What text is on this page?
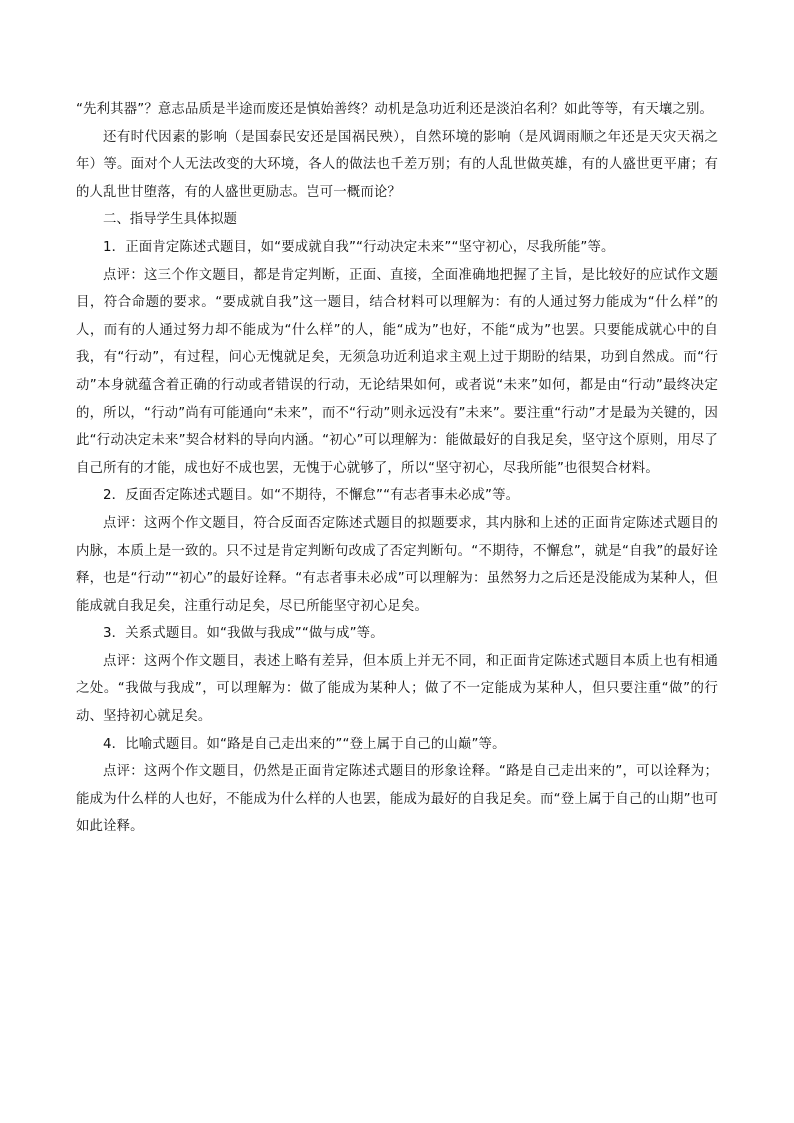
“先利其器”？意志品质是半途而废还是慎始善终？动机是急功近利还是淡泊名利？如此等等，有天壤之别。

还有时代因素的影响（是国泰民安还是国祸民殃），自然环境的影响（是风调雨顺之年还是天灾天祸之年）等。面对个人无法改变的大环境，各人的做法也千差万别；有的人乱世做英雄，有的人盛世更平庸；有的人乱世甘堕落，有的人盛世更励志。岂可一概而论？

二、指导学生具体拟题

1．正面肯定陈述式题目，如“要成就自我”“行动决定未来”“坚守初心，尽我所能”等。

点评：这三个作文题目，都是肯定判断，正面、直接，全面准确地把握了主旨，是比较好的应试作文题目，符合命题的要求。“要成就自我”这一题目，结合材料可以理解为：有的人通过努力能成为“什么样”的人，而有的人通过努力却不能成为“什么样”的人，能“成为”也好，不能“成为”也罢。只要能成就心中的自我，有“行动”，有过程，问心无愧就足矣，无须急功近利追求主观上过于期盼的结果，功到自然成。而“行动”本身就蕴含着正确的行动或者错误的行动，无论结果如何，或者说“未来”如何，都是由“行动”最终决定的，所以，“行动”尚有可能通向“未来”，而不“行动”则永远没有”未来”。要注重“行动”才是最为关键的，因此“行动决定未来”契合材料的导向内涵。“初心”可以理解为：能做最好的自我足矣，坚守这个原则，用尽了自己所有的才能，成也好不成也罢，无愧于心就够了，所以“坚守初心，尽我所能”也很契合材料。

2．反面否定陈述式题目。如“不期待，不懈怠”“有志者事未必成”等。

点评：这两个作文题目，符合反面否定陈述式题目的拟题要求，其内脉和上述的正面肯定陈述式题目的内脉，本质上是一致的。只不过是肯定判断句改成了否定判断句。“不期待，不懈怠”，就是“自我”的最好诠释，也是“行动”“初心”的最好诠释。“有志者事未必成”可以理解为：虽然努力之后还是没能成为某种人，但能成就自我足矣，注重行动足矣，尽已所能坚守初心足矣。

3．关系式题目。如“我做与我成”“做与成”等。

点评：这两个作文题目，表述上略有差异，但本质上并无不同，和正面肯定陈述式题目本质上也有相通之处。“我做与我成”，可以理解为：做了能成为某种人；做了不一定能成为某种人，但只要注重“做”的行动、坚持初心就足矣。

4．比喻式题目。如“路是自己走出来的”“登上属于自己的山巅”等。

点评：这两个作文题目，仍然是正面肯定陈述式题目的形象诠释。“路是自己走出来的”，可以诠释为；能成为什么样的人也好，不能成为什么样的人也罢，能成为最好的自我足矣。而“登上属于自己的山期”也可如此诠释。
